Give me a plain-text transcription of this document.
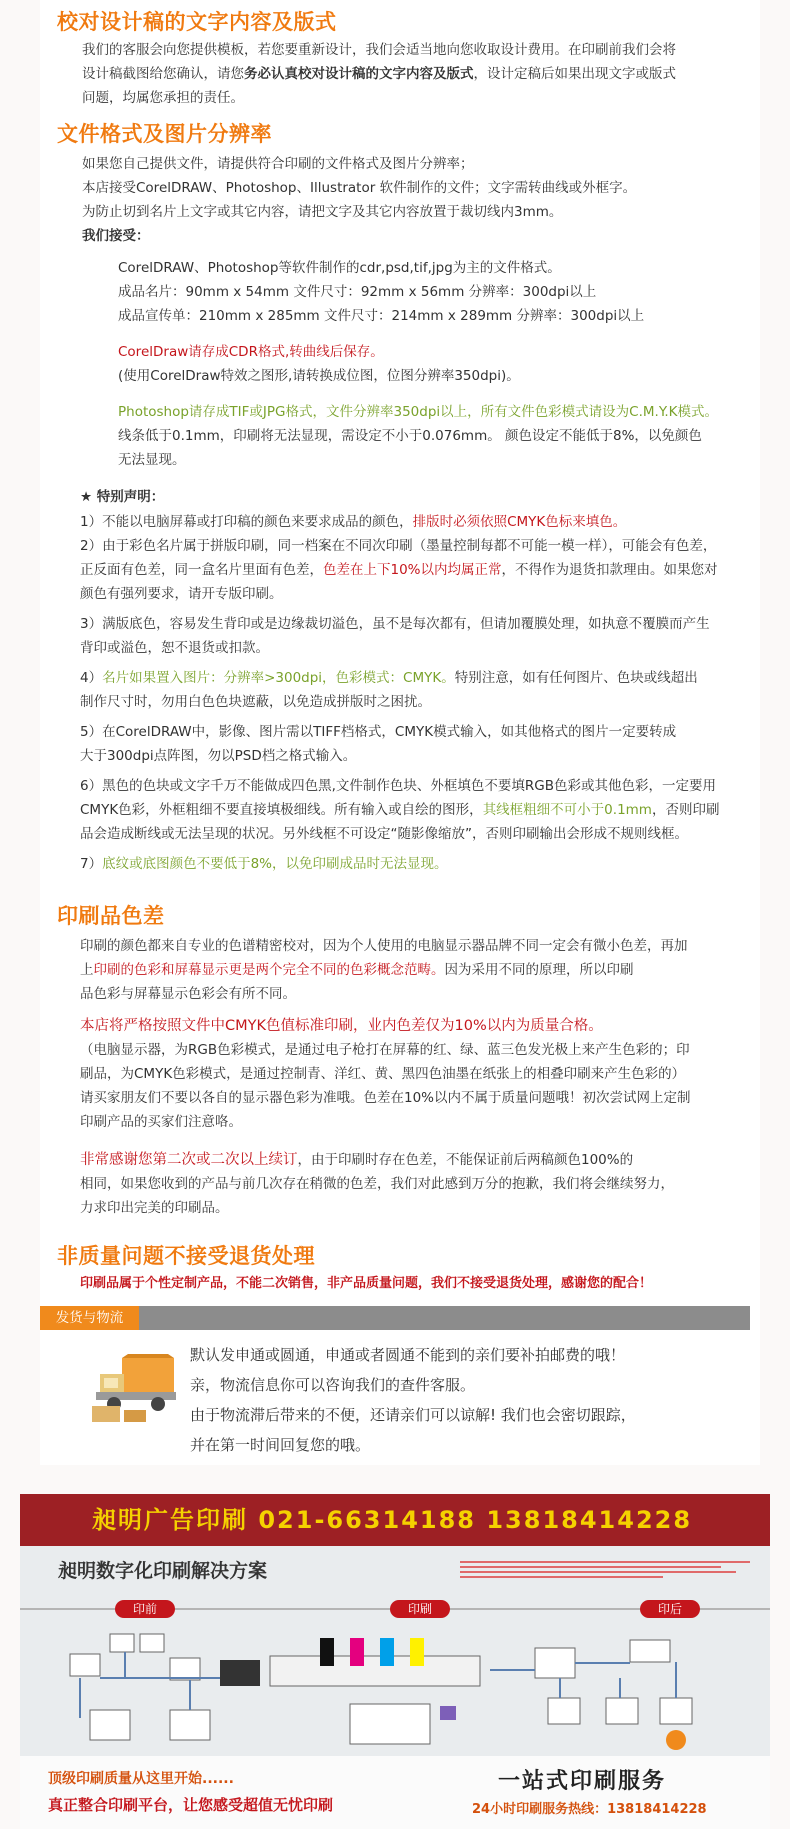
校对设计稿的文字内容及版式
我们的客服会向您提供模板，若您要重新设计，我们会适当地向您收取设计费用。在印刷前我们会将
设计稿截图给您确认，请您务必认真校对设计稿的文字内容及版式，设计定稿后如果出现文字或版式
问题，均属您承担的责任。
文件格式及图片分辨率
如果您自己提供文件，请提供符合印刷的文件格式及图片分辨率；
本店接受CorelDRAW、Photoshop、Illustrator 软件制作的文件；文字需转曲线或外框字。
为防止切到名片上文字或其它内容，请把文字及其它内容放置于裁切线内3mm。
我们接受：
CorelDRAW、Photoshop等软件制作的cdr,psd,tif,jpg为主的文件格式。
成品名片：90mm x 54mm 文件尺寸：92mm x 56mm 分辨率：300dpi以上
成品宣传单：210mm x 285mm 文件尺寸：214mm x 289mm 分辨率：300dpi以上
CorelDraw请存成CDR格式,转曲线后保存。
(使用CorelDraw特效之图形,请转换成位图，位图分辨率350dpi)。
Photoshop请存成TIF或JPG格式，文件分辨率350dpi以上，所有文件色彩模式请设为C.M.Y.K模式。
线条低于0.1mm，印刷将无法显现，需设定不小于0.076mm。 颜色设定不能低于8%，以免颜色
无法显现。
★ 特别声明：
1）不能以电脑屏幕或打印稿的颜色来要求成品的颜色，排版时必须依照CMYK色标来填色。
2）由于彩色名片属于拼版印刷，同一档案在不同次印刷（墨量控制每都不可能一模一样），可能会有色差，
正反面有色差，同一盒名片里面有色差，色差在上下10%以内均属正常，不得作为退货扣款理由。如果您对
颜色有强列要求，请开专版印刷。
3）满版底色，容易发生背印或是边缘裁切溢色，虽不是每次都有，但请加覆膜处理，如执意不覆膜而产生
背印或溢色，恕不退货或扣款。
4）名片如果置入图片：分辨率>300dpi，色彩模式：CMYK。特别注意，如有任何图片、色块或线超出
制作尺寸时，勿用白色色块遮蔽，以免造成拼版时之困扰。
5）在CorelDRAW中，影像、图片需以TIFF档格式，CMYK模式输入，如其他格式的图片一定要转成
大于300dpi点阵图，勿以PSD档之格式输入。
6）黑色的色块或文字千万不能做成四色黑,文件制作色块、外框填色不要填RGB色彩或其他色彩，一定要用
CMYK色彩，外框粗细不要直接填极细线。所有输入或自绘的图形，其线框粗细不可小于0.1mm，否则印刷
品会造成断线或无法呈现的状况。另外线框不可设定“随影像缩放”，否则印刷输出会形成不规则线框。
7）底纹或底图颜色不要低于8%，以免印刷成品时无法显现。
印刷品色差
印刷的颜色都来自专业的色谱精密校对，因为个人使用的电脑显示器品牌不同一定会有微小色差，再加
上印刷的色彩和屏幕显示更是两个完全不同的色彩概念范畴。因为采用不同的原理，所以印刷
品色彩与屏幕显示色彩会有所不同。
本店将严格按照文件中CMYK色值标准印刷，业内色差仅为10%以内为质量合格。
（电脑显示器，为RGB色彩模式，是通过电子枪打在屏幕的红、绿、蓝三色发光极上来产生色彩的；印
刷品，为CMYK色彩模式，是通过控制青、洋红、黄、黑四色油墨在纸张上的相叠印刷来产生色彩的）
请买家朋友们不要以各自的显示器色彩为准哦。色差在10%以内不属于质量问题哦！初次尝试网上定制
印刷产品的买家们注意咯。
非常感谢您第二次或二次以上续订，由于印刷时存在色差，不能保证前后两稿颜色100%的
相同，如果您收到的产品与前几次存在稍微的色差，我们对此感到万分的抱歉，我们将会继续努力，
力求印出完美的印刷品。
非质量问题不接受退货处理
印刷品属于个性定制产品，不能二次销售，非产品质量问题，我们不接受退货处理，感谢您的配合！
发货与物流
默认发申通或圆通，申通或者圆通不能到的亲们要补拍邮费的哦！
亲，物流信息你可以咨询我们的查件客服。
由于物流滞后带来的不便，还请亲们可以谅解! 我们也会密切跟踪，
并在第一时间回复您的哦。
昶明广告印刷 021-66314188 13818414228
昶明数字化印刷解决方案
印前	印刷	印后
顶级印刷质量从这里开始......
真正整合印刷平台，让您感受超值无忧印刷
一站式印刷服务
24小时印刷服务热线：13818414228
